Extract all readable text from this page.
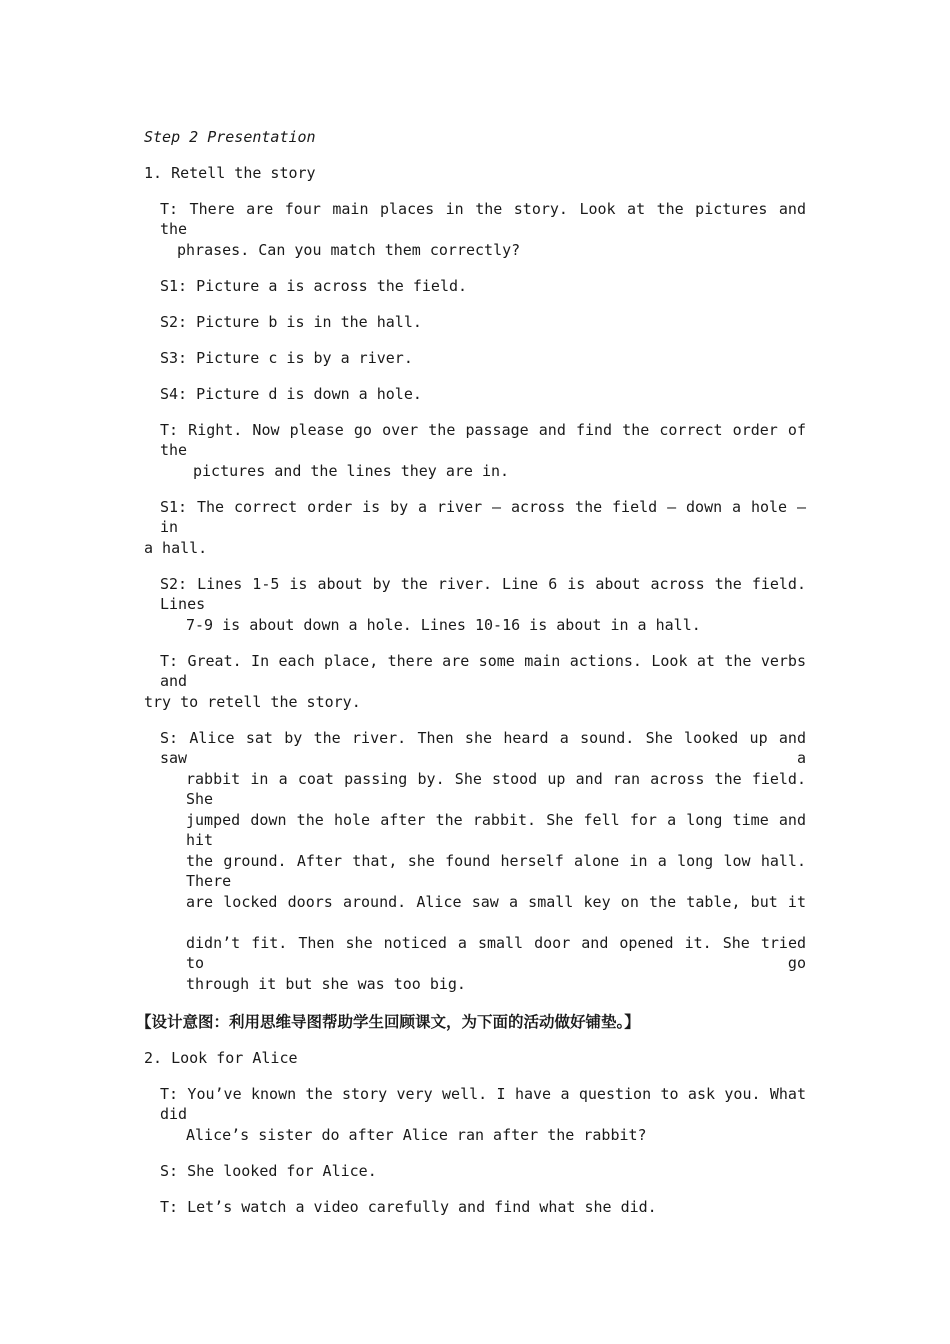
Step 2 Presentation
1. Retell the story
T: There are four main places in the story. Look at the pictures and the
phrases. Can you match them correctly?
S1: Picture a is across the field.
S2: Picture b is in the hall.
S3: Picture c is by a river.
S4: Picture d is down a hole.
T: Right. Now please go over the passage and find the correct order of the
pictures and the lines they are in.
S1: The correct order is by a river – across the field – down a hole – in
a hall.
S2: Lines 1-5 is about by the river. Line 6 is about across the field. Lines
7-9 is about down a hole. Lines 10-16 is about in a hall.
T: Great. In each place, there are some main actions. Look at the verbs and
try to retell the story.
S: Alice sat by the river. Then she heard a sound. She looked up and saw a
rabbit in a coat passing by. She stood up and ran across the field. She
jumped down the hole after the rabbit. She fell for a long time and hit
the ground. After that, she found herself alone in a long low hall. There
are locked doors around. Alice saw a small key on the table, but it
didn’t fit. Then she noticed a small door and opened it. She tried to go
through it but she was too big.
【设计意图：利用思维导图帮助学生回顾课文，为下面的活动做好铺垫。】
2. Look for Alice
T: You’ve known the story very well. I have a question to ask you. What did
Alice’s sister do after Alice ran after the rabbit?
S: She looked for Alice.
T: Let’s watch a video carefully and find what she did.
